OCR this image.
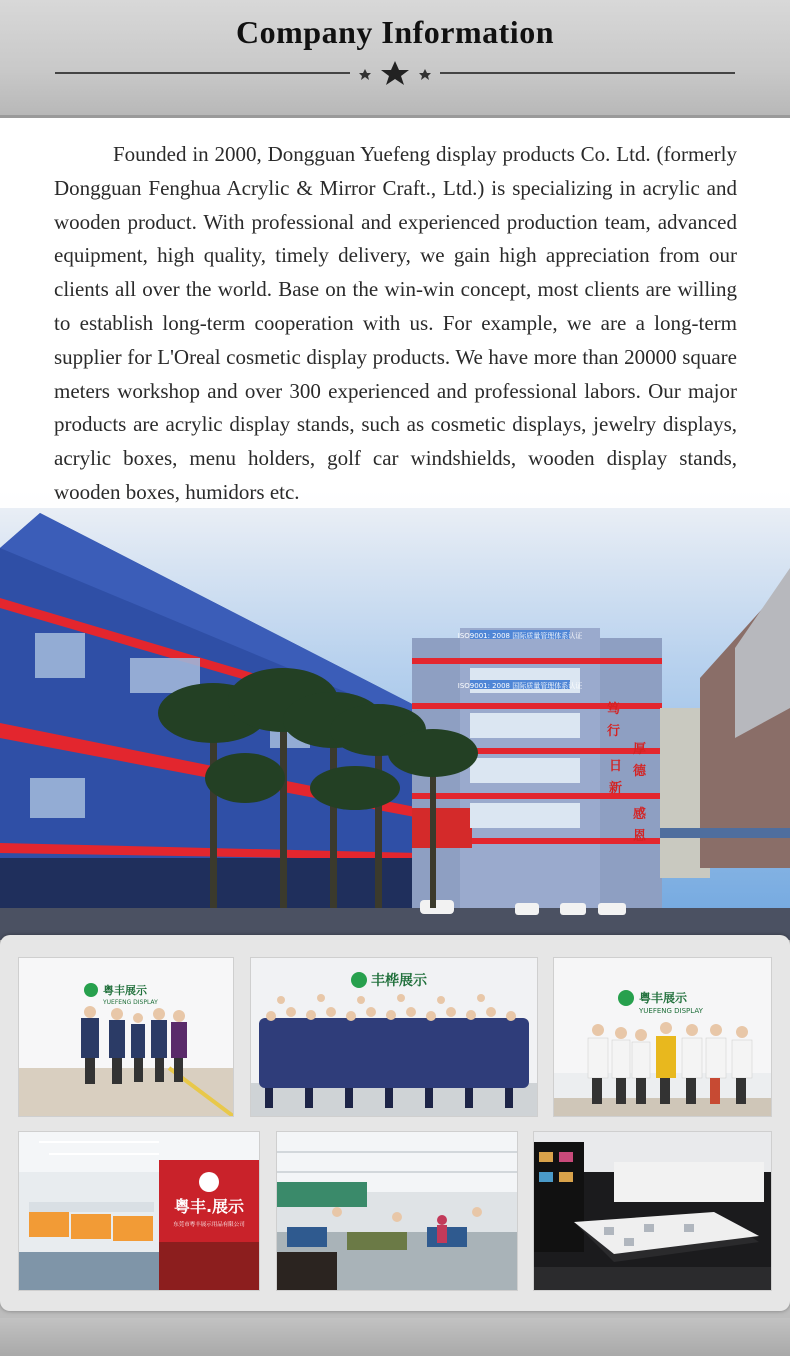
Company Information
ISO9001: 2008 国际质量管理体系认证
ISO9001: 2008 国际质量管理体系认证
笃
行
日
新
厚
德
感
恩

Founded in 2000, Dongguan Yuefeng display products Co. Ltd. (formerly Dongguan Fenghua Acrylic & Mirror Craft., Ltd.) is specializing in acrylic and wooden product. With professional and experienced production team, advanced equipment, high quality, timely delivery, we gain high appreciation from our clients all over the world. Base on the win-win concept, most clients are willing to establish long-term cooperation with us. For example, we are a long-term supplier for L'Oreal cosmetic display products. We have more than 20000 square meters workshop and over 300 experienced and professional labors. Our major products are acrylic display stands, such as cosmetic displays, jewelry displays, acrylic boxes, menu holders, golf car windshields, wooden display stands, wooden boxes, humidors etc.

粤丰展示
YUEFENG DISPLAY
丰桦展示
粤丰展示
YUEFENG DISPLAY
粤丰.展示
东莞市粤丰展示用品有限公司
